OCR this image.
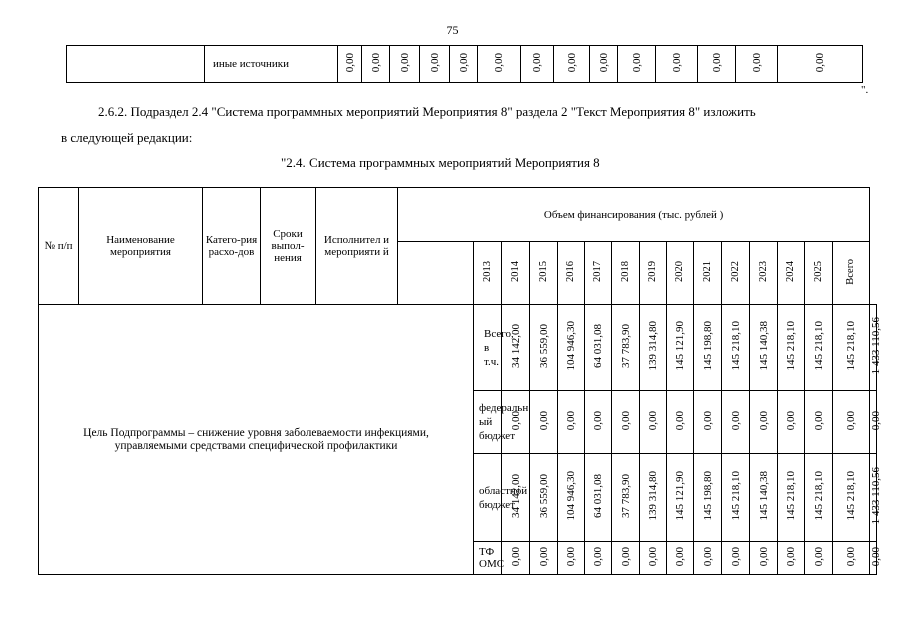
75
	иные источники	0,00	0,00	0,00	0,00	0,00	0,00	0,00	0,00	0,00	0,00	0,00	0,00	0,00	0,00
".
2.6.2. Подраздел 2.4 "Система программных мероприятий Мероприятия 8" раздела 2 "Текст Мероприятия 8" изложить
в следующей редакции:
"2.4. Система программных мероприятий Мероприятия 8
№ п/п	Наименование мероприятия	Катего-рия расхо-дов	Сроки выпол-нения	Исполнител и мероприяти й	Объем финансирования (тыс. рублей )															
						2013	2014	2015	2016	2017	2018	2019	2020	2021	2022	2023	2024	2025	Всего	
Цель Подпрограммы – снижение уровня заболеваемости инфекциями, управляемыми средствами специфической профилактики						Всего, в т.ч.	34 142,00	36 559,00	104 946,30	64 031,08	37 783,90	139 314,80	145 121,90	145 198,80	145 218,10	145 140,38	145 218,10	145 218,10	145 218,10	1 433 110,56
						федеральн ый бюджет	0,00	0,00	0,00	0,00	0,00	0,00	0,00	0,00	0,00	0,00	0,00	0,00	0,00	0,00
						областной бюджет	34 142,00	36 559,00	104 946,30	64 031,08	37 783,90	139 314,80	145 121,90	145 198,80	145 218,10	145 140,38	145 218,10	145 218,10	145 218,10	1 433 110,56
						ТФ ОМС	0,00	0,00	0,00	0,00	0,00	0,00	0,00	0,00	0,00	0,00	0,00	0,00	0,00	0,00
